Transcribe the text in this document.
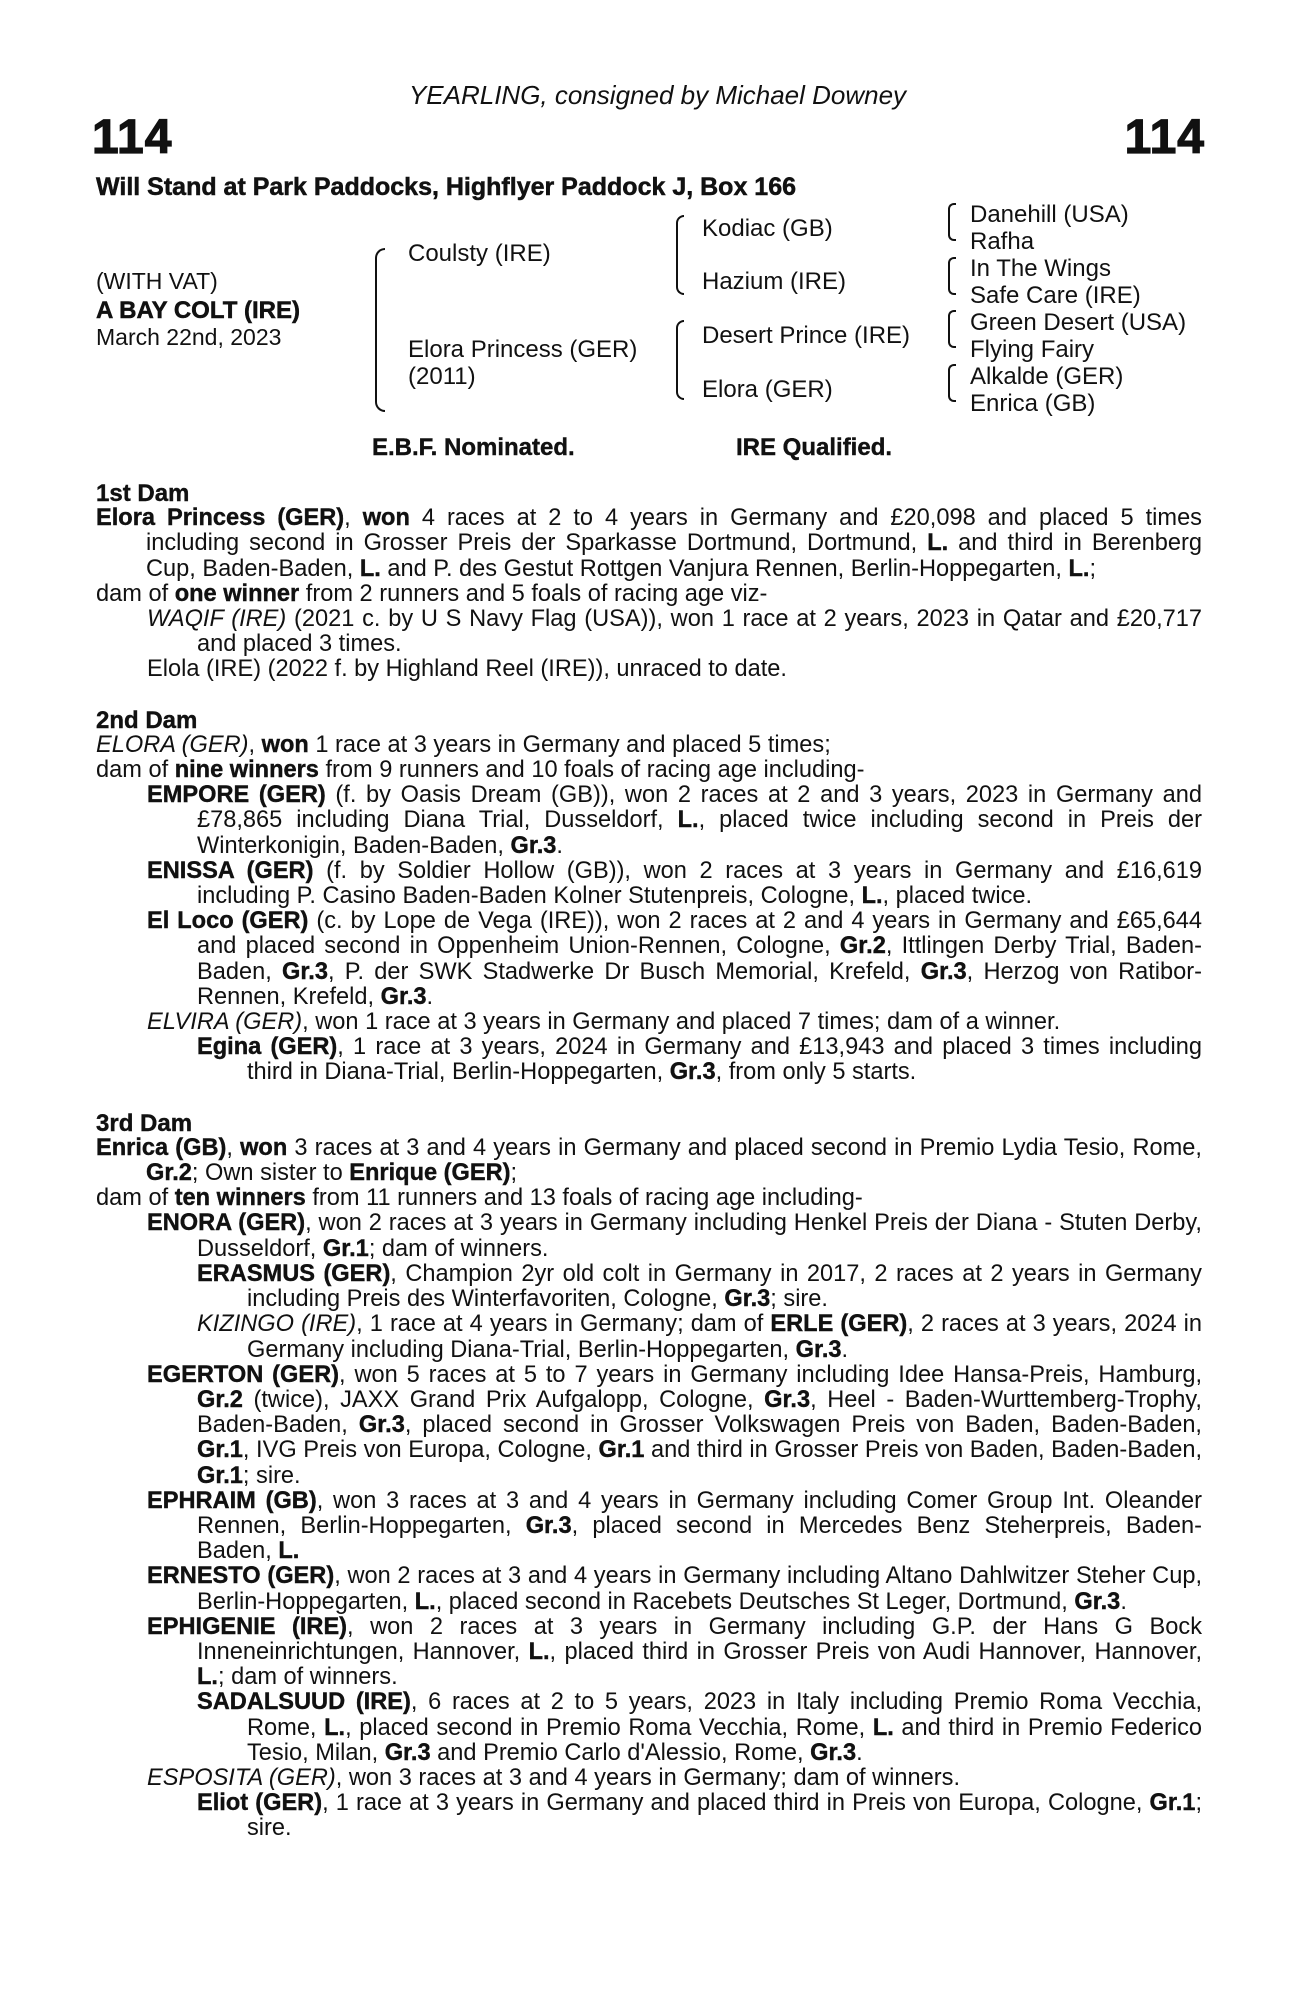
YEARLING, consigned by Michael Downey
114	114
Will Stand at Park Paddocks, Highflyer Paddock J, Box 166
(WITH VAT)
A BAY COLT (IRE)
March 22nd, 2023
Coulsty (IRE)
Elora Princess (GER)
(2011)
Kodiac (GB)
Hazium (IRE)
Desert Prince (IRE)
Elora (GER)
Danehill (USA)
Rafha
In The Wings
Safe Care (IRE)
Green Desert (USA)
Flying Fairy
Alkalde (GER)
Enrica (GB)
E.B.F. Nominated.	IRE Qualified.

1st Dam

Elora Princess (GER), won 4 races at 2 to 4 years in Germany and £20,098 and placed 5 times including second in Grosser Preis der Sparkasse Dortmund, Dortmund, L. and third in Berenberg Cup, Baden-Baden, L. and P. des Gestut Rottgen Vanjura Rennen, Berlin-Hoppegarten, L.;

dam of one winner from 2 runners and 5 foals of racing age viz-

WAQIF (IRE) (2021 c. by U S Navy Flag (USA)), won 1 race at 2 years, 2023 in Qatar and £20,717 and placed 3 times.

Elola (IRE) (2022 f. by Highland Reel (IRE)), unraced to date.

2nd Dam

ELORA (GER), won 1 race at 3 years in Germany and placed 5 times;

dam of nine winners from 9 runners and 10 foals of racing age including-

EMPORE (GER) (f. by Oasis Dream (GB)), won 2 races at 2 and 3 years, 2023 in Germany and £78,865 including Diana Trial, Dusseldorf, L., placed twice including second in Preis der Winterkonigin, Baden-Baden, Gr.3.

ENISSA (GER) (f. by Soldier Hollow (GB)), won 2 races at 3 years in Germany and £16,619 including P. Casino Baden-Baden Kolner Stutenpreis, Cologne, L., placed twice.

El Loco (GER) (c. by Lope de Vega (IRE)), won 2 races at 2 and 4 years in Germany and £65,644 and placed second in Oppenheim Union-Rennen, Cologne, Gr.2, Ittlingen Derby Trial, Baden-Baden, Gr.3, P. der SWK Stadwerke Dr Busch Memorial, Krefeld, Gr.3, Herzog von Ratibor-Rennen, Krefeld, Gr.3.

ELVIRA (GER), won 1 race at 3 years in Germany and placed 7 times; dam of a winner.

Egina (GER), 1 race at 3 years, 2024 in Germany and £13,943 and placed 3 times including third in Diana-Trial, Berlin-Hoppegarten, Gr.3, from only 5 starts.

3rd Dam

Enrica (GB), won 3 races at 3 and 4 years in Germany and placed second in Premio Lydia Tesio, Rome, Gr.2; Own sister to Enrique (GER);

dam of ten winners from 11 runners and 13 foals of racing age including-

ENORA (GER), won 2 races at 3 years in Germany including Henkel Preis der Diana - Stuten Derby, Dusseldorf, Gr.1; dam of winners.

ERASMUS (GER), Champion 2yr old colt in Germany in 2017, 2 races at 2 years in Germany including Preis des Winterfavoriten, Cologne, Gr.3; sire.

KIZINGO (IRE), 1 race at 4 years in Germany; dam of ERLE (GER), 2 races at 3 years, 2024 in Germany including Diana-Trial, Berlin-Hoppegarten, Gr.3.

EGERTON (GER), won 5 races at 5 to 7 years in Germany including Idee Hansa-Preis, Hamburg, Gr.2 (twice), JAXX Grand Prix Aufgalopp, Cologne, Gr.3, Heel - Baden-Wurttemberg-Trophy, Baden-Baden, Gr.3, placed second in Grosser Volkswagen Preis von Baden, Baden-Baden, Gr.1, IVG Preis von Europa, Cologne, Gr.1 and third in Grosser Preis von Baden, Baden-Baden, Gr.1; sire.

EPHRAIM (GB), won 3 races at 3 and 4 years in Germany including Comer Group Int. Oleander Rennen, Berlin-Hoppegarten, Gr.3, placed second in Mercedes Benz Steherpreis, Baden-Baden, L.

ERNESTO (GER), won 2 races at 3 and 4 years in Germany including Altano Dahlwitzer Steher Cup, Berlin-Hoppegarten, L., placed second in Racebets Deutsches St Leger, Dortmund, Gr.3.

EPHIGENIE (IRE), won 2 races at 3 years in Germany including G.P. der Hans G Bock Inneneinrichtungen, Hannover, L., placed third in Grosser Preis von Audi Hannover, Hannover, L.; dam of winners.

SADALSUUD (IRE), 6 races at 2 to 5 years, 2023 in Italy including Premio Roma Vecchia, Rome, L., placed second in Premio Roma Vecchia, Rome, L. and third in Premio Federico Tesio, Milan, Gr.3 and Premio Carlo d'Alessio, Rome, Gr.3.

ESPOSITA (GER), won 3 races at 3 and 4 years in Germany; dam of winners.

Eliot (GER), 1 race at 3 years in Germany and placed third in Preis von Europa, Cologne, Gr.1; sire.
